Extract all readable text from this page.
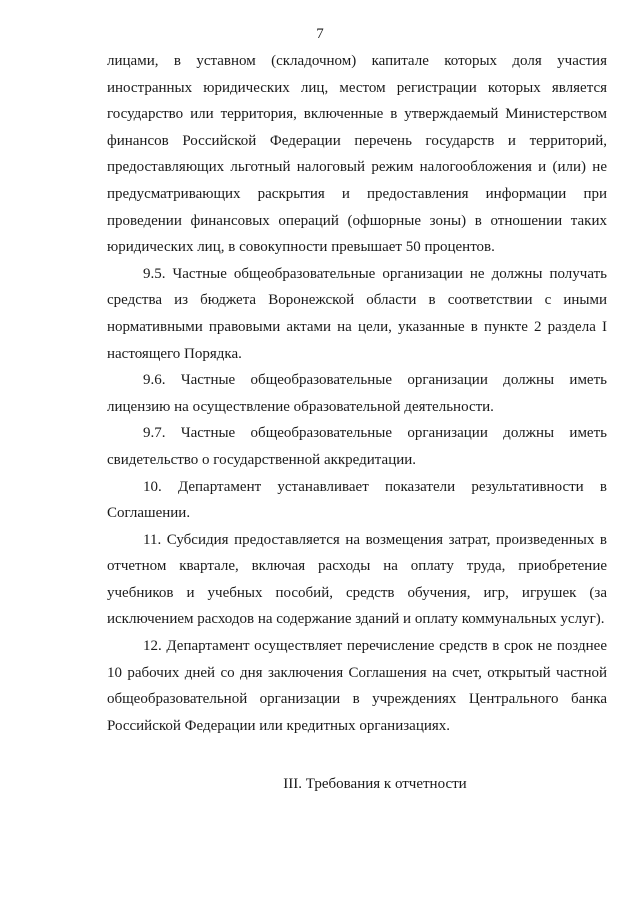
7

лицами, в уставном (складочном) капитале которых доля участия иностранных юридических лиц, местом регистрации которых является государство или территория, включенные в утверждаемый Министерством финансов Российской Федерации перечень государств и территорий, предоставляющих льготный налоговый режим налогообложения и (или) не предусматривающих раскрытия и предоставления информации при проведении финансовых операций (офшорные зоны) в отношении таких юридических лиц, в совокупности превышает 50 процентов.

9.5. Частные общеобразовательные организации не должны получать средства из бюджета Воронежской области в соответствии с иными нормативными правовыми актами на цели, указанные в пункте 2 раздела I настоящего Порядка.

9.6. Частные общеобразовательные организации должны иметь лицензию на осуществление образовательной деятельности.

9.7. Частные общеобразовательные организации должны иметь свидетельство о государственной аккредитации.

10. Департамент устанавливает показатели результативности в Соглашении.

11. Субсидия предоставляется на возмещения затрат, произведенных в отчетном квартале, включая расходы на оплату труда, приобретение учебников и учебных пособий, средств обучения, игр, игрушек (за исключением расходов на содержание зданий и оплату коммунальных услуг).

12. Департамент осуществляет перечисление средств в срок не позднее 10 рабочих дней со дня заключения Соглашения на счет, открытый частной общеобразовательной организации в учреждениях Центрального банка Российской Федерации или кредитных организациях.

III. Требования к отчетности
